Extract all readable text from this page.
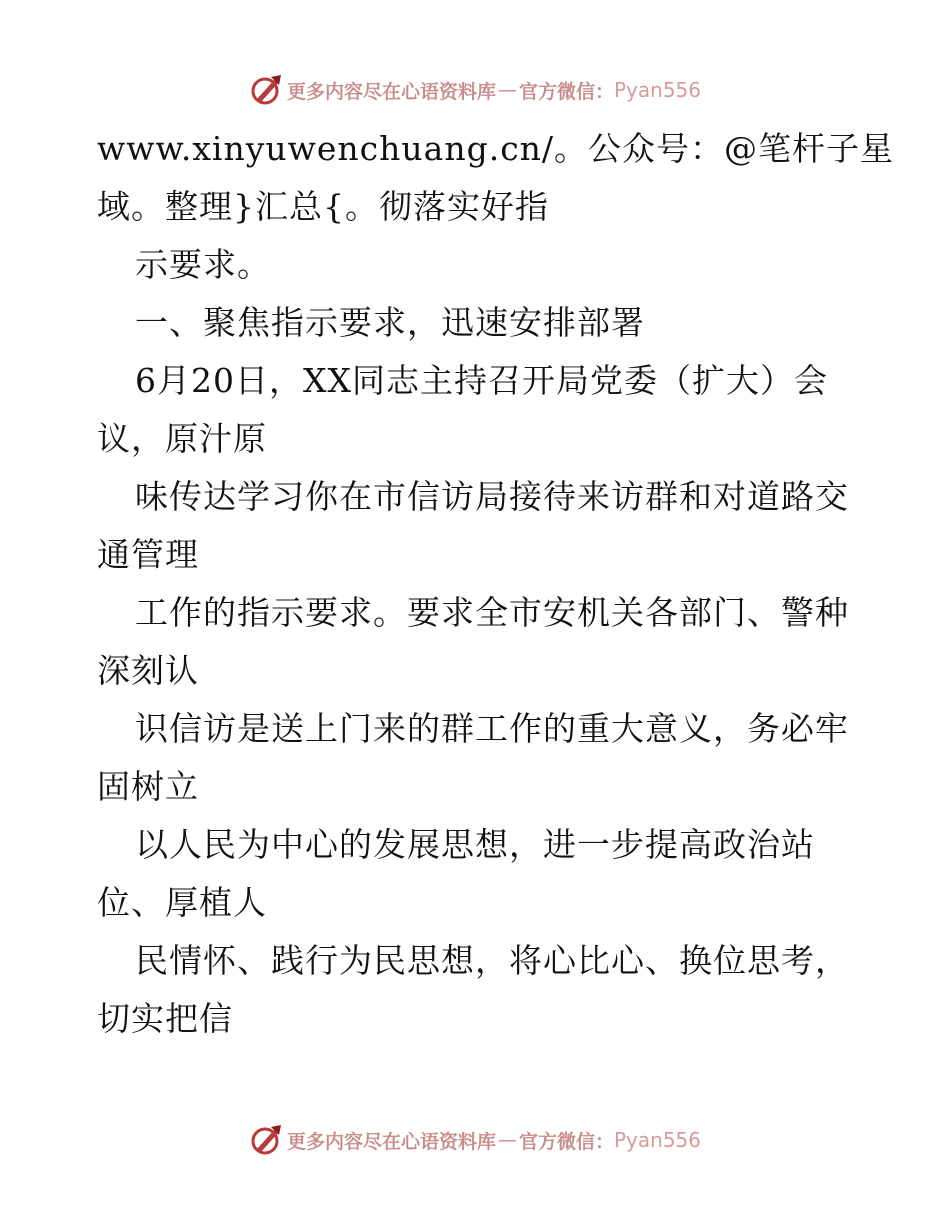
更多内容尽在心语资料库 — 官方微信： Pyan556
www.xinyuwenchuang.cn/。公众号：@笔杆子星
域。整理}汇总{。彻落实好指
示要求。
一、聚焦指示要求，迅速安排部署
6月20日，XX同志主持召开局党委（扩大）会
议，原汁原
味传达学习你在市信访局接待来访群和对道路交
通管理
工作的指示要求。要求全市安机关各部门、警种
深刻认
识信访是送上门来的群工作的重大意义，务必牢
固树立
以人民为中心的发展思想，进一步提高政治站
位、厚植人
民情怀、践行为民思想，将心比心、换位思考，
切实把信
更多内容尽在心语资料库 — 官方微信： Pyan556
